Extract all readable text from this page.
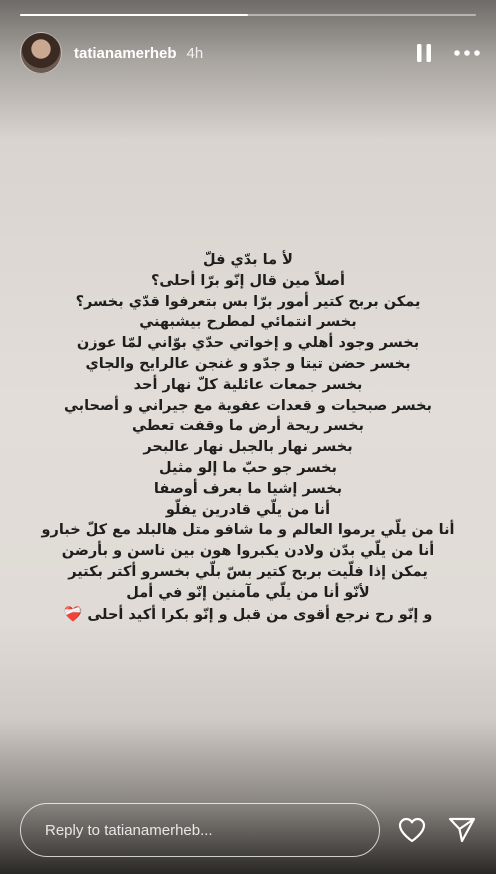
tatianamerheb 4h
لأ ما بدّي فلّ
أصلاً مين قال إنّو برّا أحلى؟
يمكن بربح كتير أمور برّا بس بتعرفوا قدّي بخسر؟
بخسر انتمائي لمطرح بيشبهني
بخسر وجود أهلي و إخواتي حدّي بوّاني لمّا عوزن
بخسر حضن تيتا و جدّو و غنجن عالرايح والجاي
بخسر جمعات عائلية كلّ نهار أحد
بخسر صبحيات و قعدات عفوية مع جيراني و أصحابي
بخسر ريحة أرض ما وقفت تعطي
بخسر نهار بالجبل نهار عالبحر
بخسر جو حبّ ما إلو مثيل
بخسر إشيا ما بعرف أوصفا
أنا من يلّي قادرين يفلّو
أنا من يلّي يرموا العالم و ما شافو متل هالبلد مع كلّ خبارو
أنا من يلّي بدّن ولادن يكبروا هون بين ناسن و بأرضن
يمكن إذا فلّيت بربح كتير بسّ بلّي بخسرو أكتر بكتير
لأنّو أنا من يلّي مآمنين إنّو في أمل
و إنّو رح نرجع أقوى من قبل و إنّو بكرا أكيد أحلى ❤️‍🩹
Reply to tatianamerheb...
